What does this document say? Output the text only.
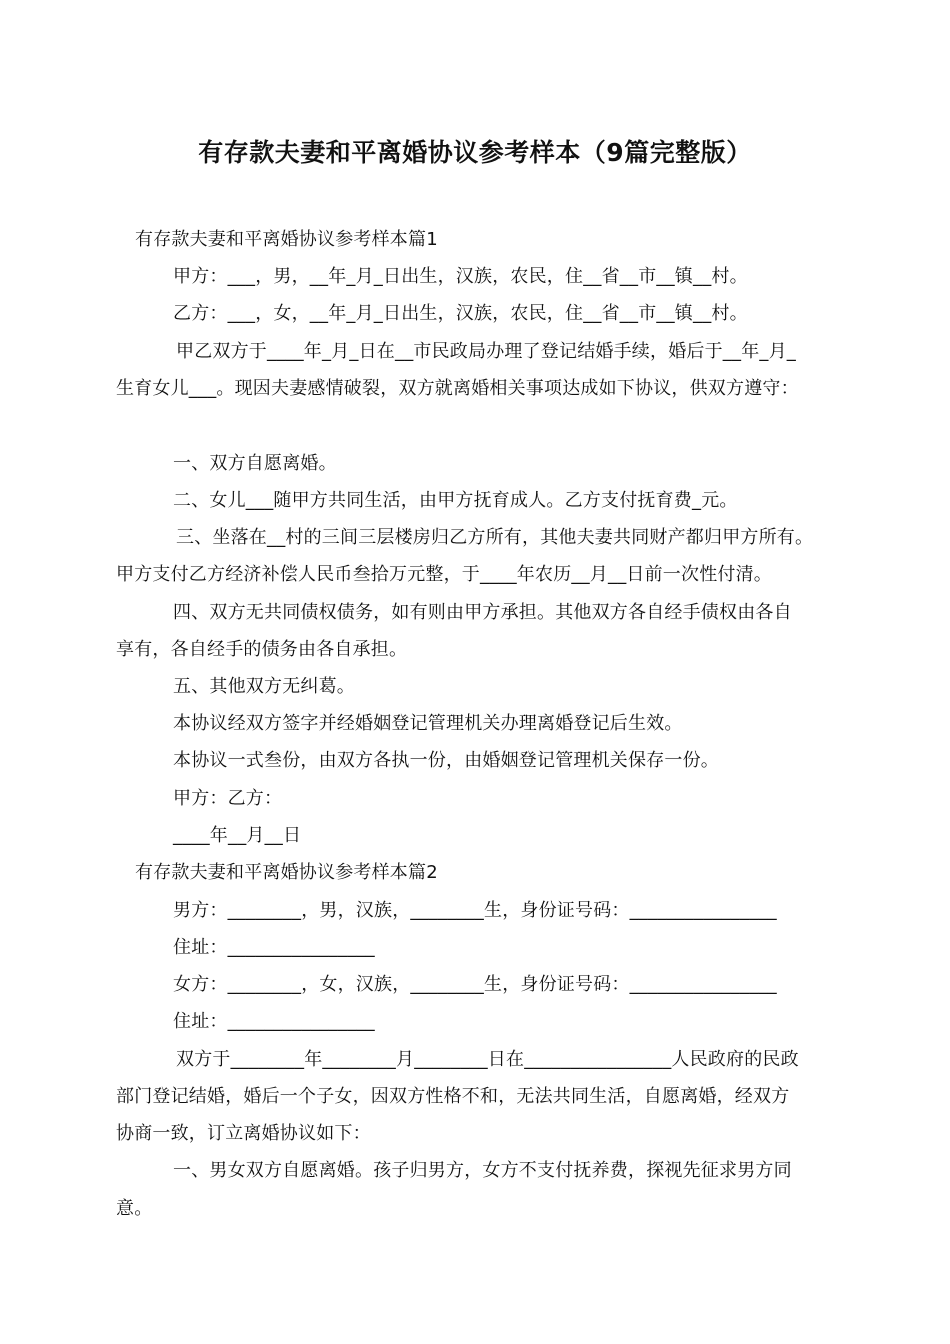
有存款夫妻和平离婚协议参考样本（9篇完整版）
有存款夫妻和平离婚协议参考样本篇1
甲方：___，男，__年_月_日出生，汉族，农民，住__省__市__镇__村。
乙方：___，女，__年_月_日出生，汉族，农民，住__省__市__镇__村。
甲乙双方于____年_月_日在__市民政局办理了登记结婚手续，婚后于__年_月_
生育女儿___。现因夫妻感情破裂，双方就离婚相关事项达成如下协议，供双方遵守：
一、双方自愿离婚。
二、女儿___随甲方共同生活，由甲方抚育成人。乙方支付抚育费_元。
三、坐落在__村的三间三层楼房归乙方所有，其他夫妻共同财产都归甲方所有。
甲方支付乙方经济补偿人民币叁拾万元整，于____年农历__月__日前一次性付清。
四、双方无共同债权债务，如有则由甲方承担。其他双方各自经手债权由各自
享有，各自经手的债务由各自承担。
五、其他双方无纠葛。
本协议经双方签字并经婚姻登记管理机关办理离婚登记后生效。
本协议一式叁份，由双方各执一份，由婚姻登记管理机关保存一份。
甲方：乙方：
____年__月__日
有存款夫妻和平离婚协议参考样本篇2
男方：________，男，汉族，________生，身份证号码：________________
住址：________________
女方：________，女，汉族，________生，身份证号码：________________
住址：________________
双方于________年________月________日在________________人民政府的民政
部门登记结婚，婚后一个子女，因双方性格不和，无法共同生活，自愿离婚，经双方
协商一致，订立离婚协议如下：
一、男女双方自愿离婚。孩子归男方，女方不支付抚养费，探视先征求男方同
意。
